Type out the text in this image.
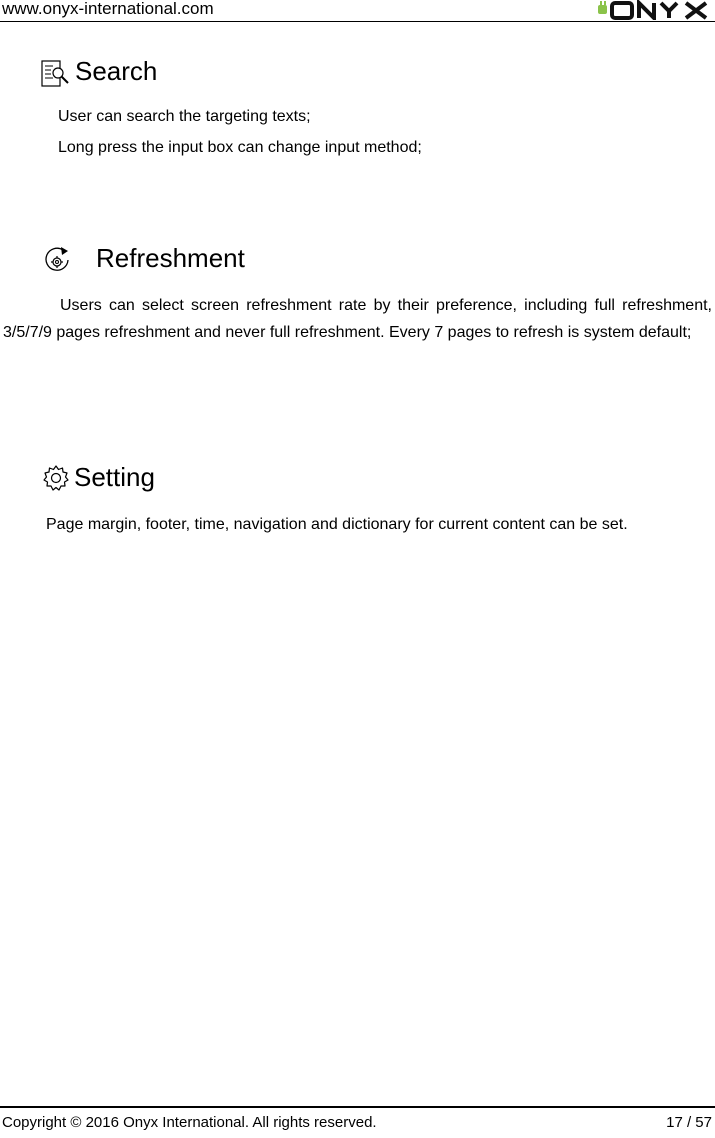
www.onyx-international.com
Search
User can search the targeting texts;
Long press the input box can change input method;
Refreshment
Users can select screen refreshment rate by their preference, including full refreshment, 3/5/7/9 pages refreshment and never full refreshment. Every 7 pages to refresh is system default;
Setting
Page margin, footer, time, navigation and dictionary for current content can be set.
Copyright © 2016 Onyx International. All rights reserved.	17 / 57
